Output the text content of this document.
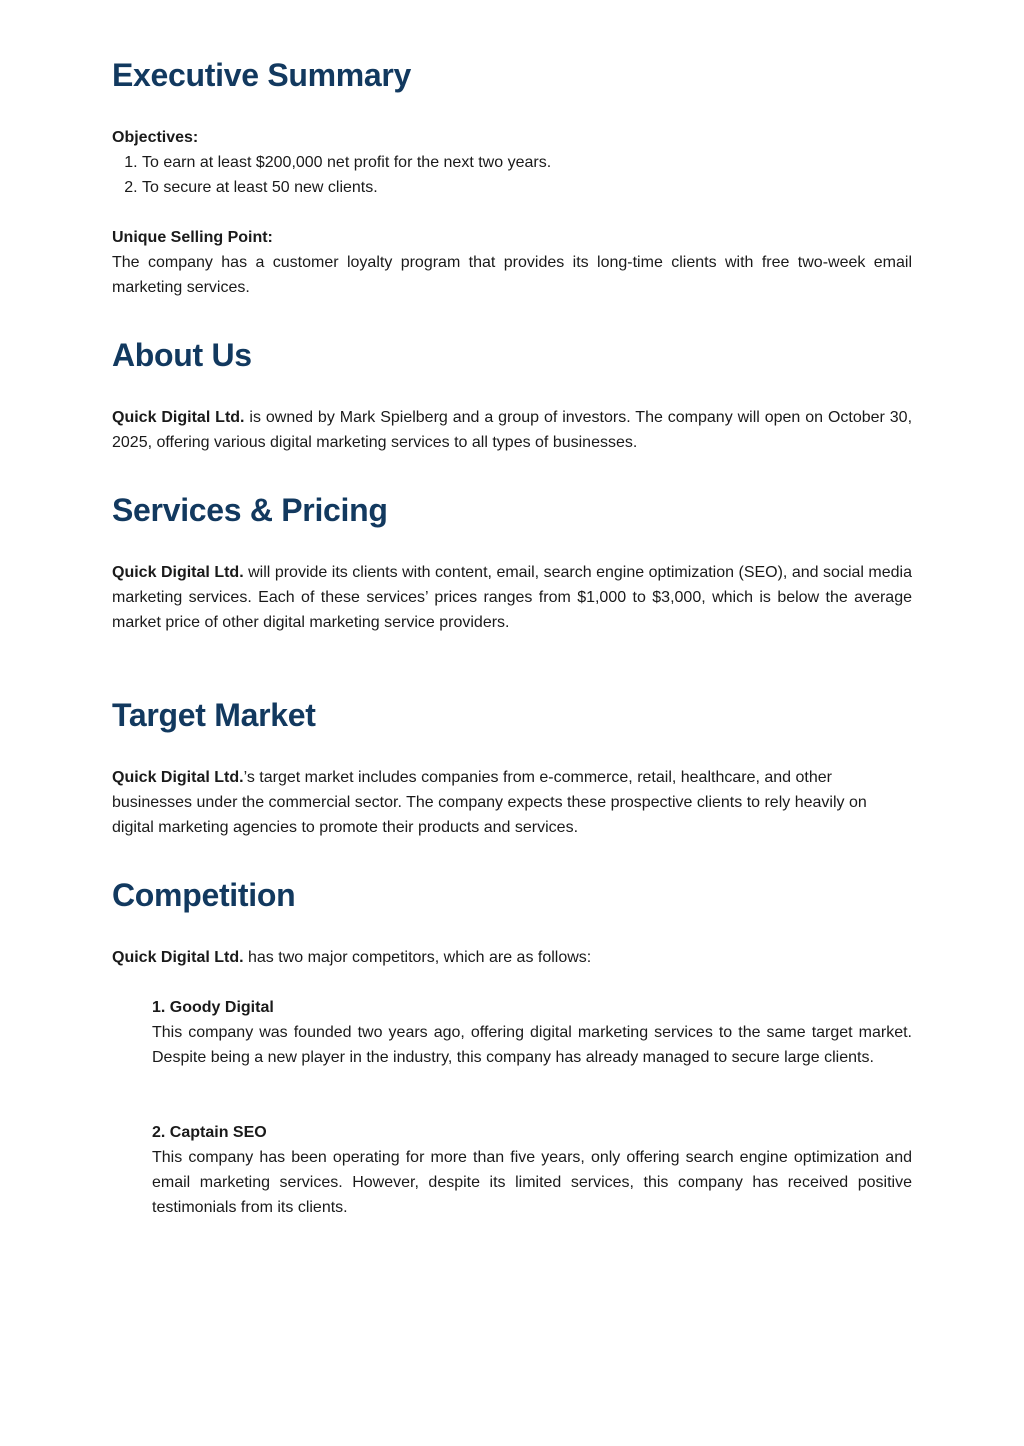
Executive Summary

Objectives:

1. To earn at least $200,000 net profit for the next two years.
2. To secure at least 50 new clients.

Unique Selling Point:

The company has a customer loyalty program that provides its long-time clients with free two-week email marketing services.

About Us

Quick Digital Ltd. is owned by Mark Spielberg and a group of investors. The company will open on October 30, 2025, offering various digital marketing services to all types of businesses.

Services & Pricing

Quick Digital Ltd. will provide its clients with content, email, search engine optimization (SEO), and social media marketing services. Each of these services’ prices ranges from $1,000 to $3,000, which is below the average market price of other digital marketing service providers.

Target Market

Quick Digital Ltd.’s target market includes companies from e-commerce, retail, healthcare, and other businesses under the commercial sector. The company expects these prospective clients to rely heavily on digital marketing agencies to promote their products and services.

Competition

Quick Digital Ltd. has two major competitors, which are as follows:

1. Goody Digital
This company was founded two years ago, offering digital marketing services to the same target market. Despite being a new player in the industry, this company has already managed to secure large clients.
2. Captain SEO
This company has been operating for more than five years, only offering search engine optimization and email marketing services. However, despite its limited services, this company has received positive testimonials from its clients.
